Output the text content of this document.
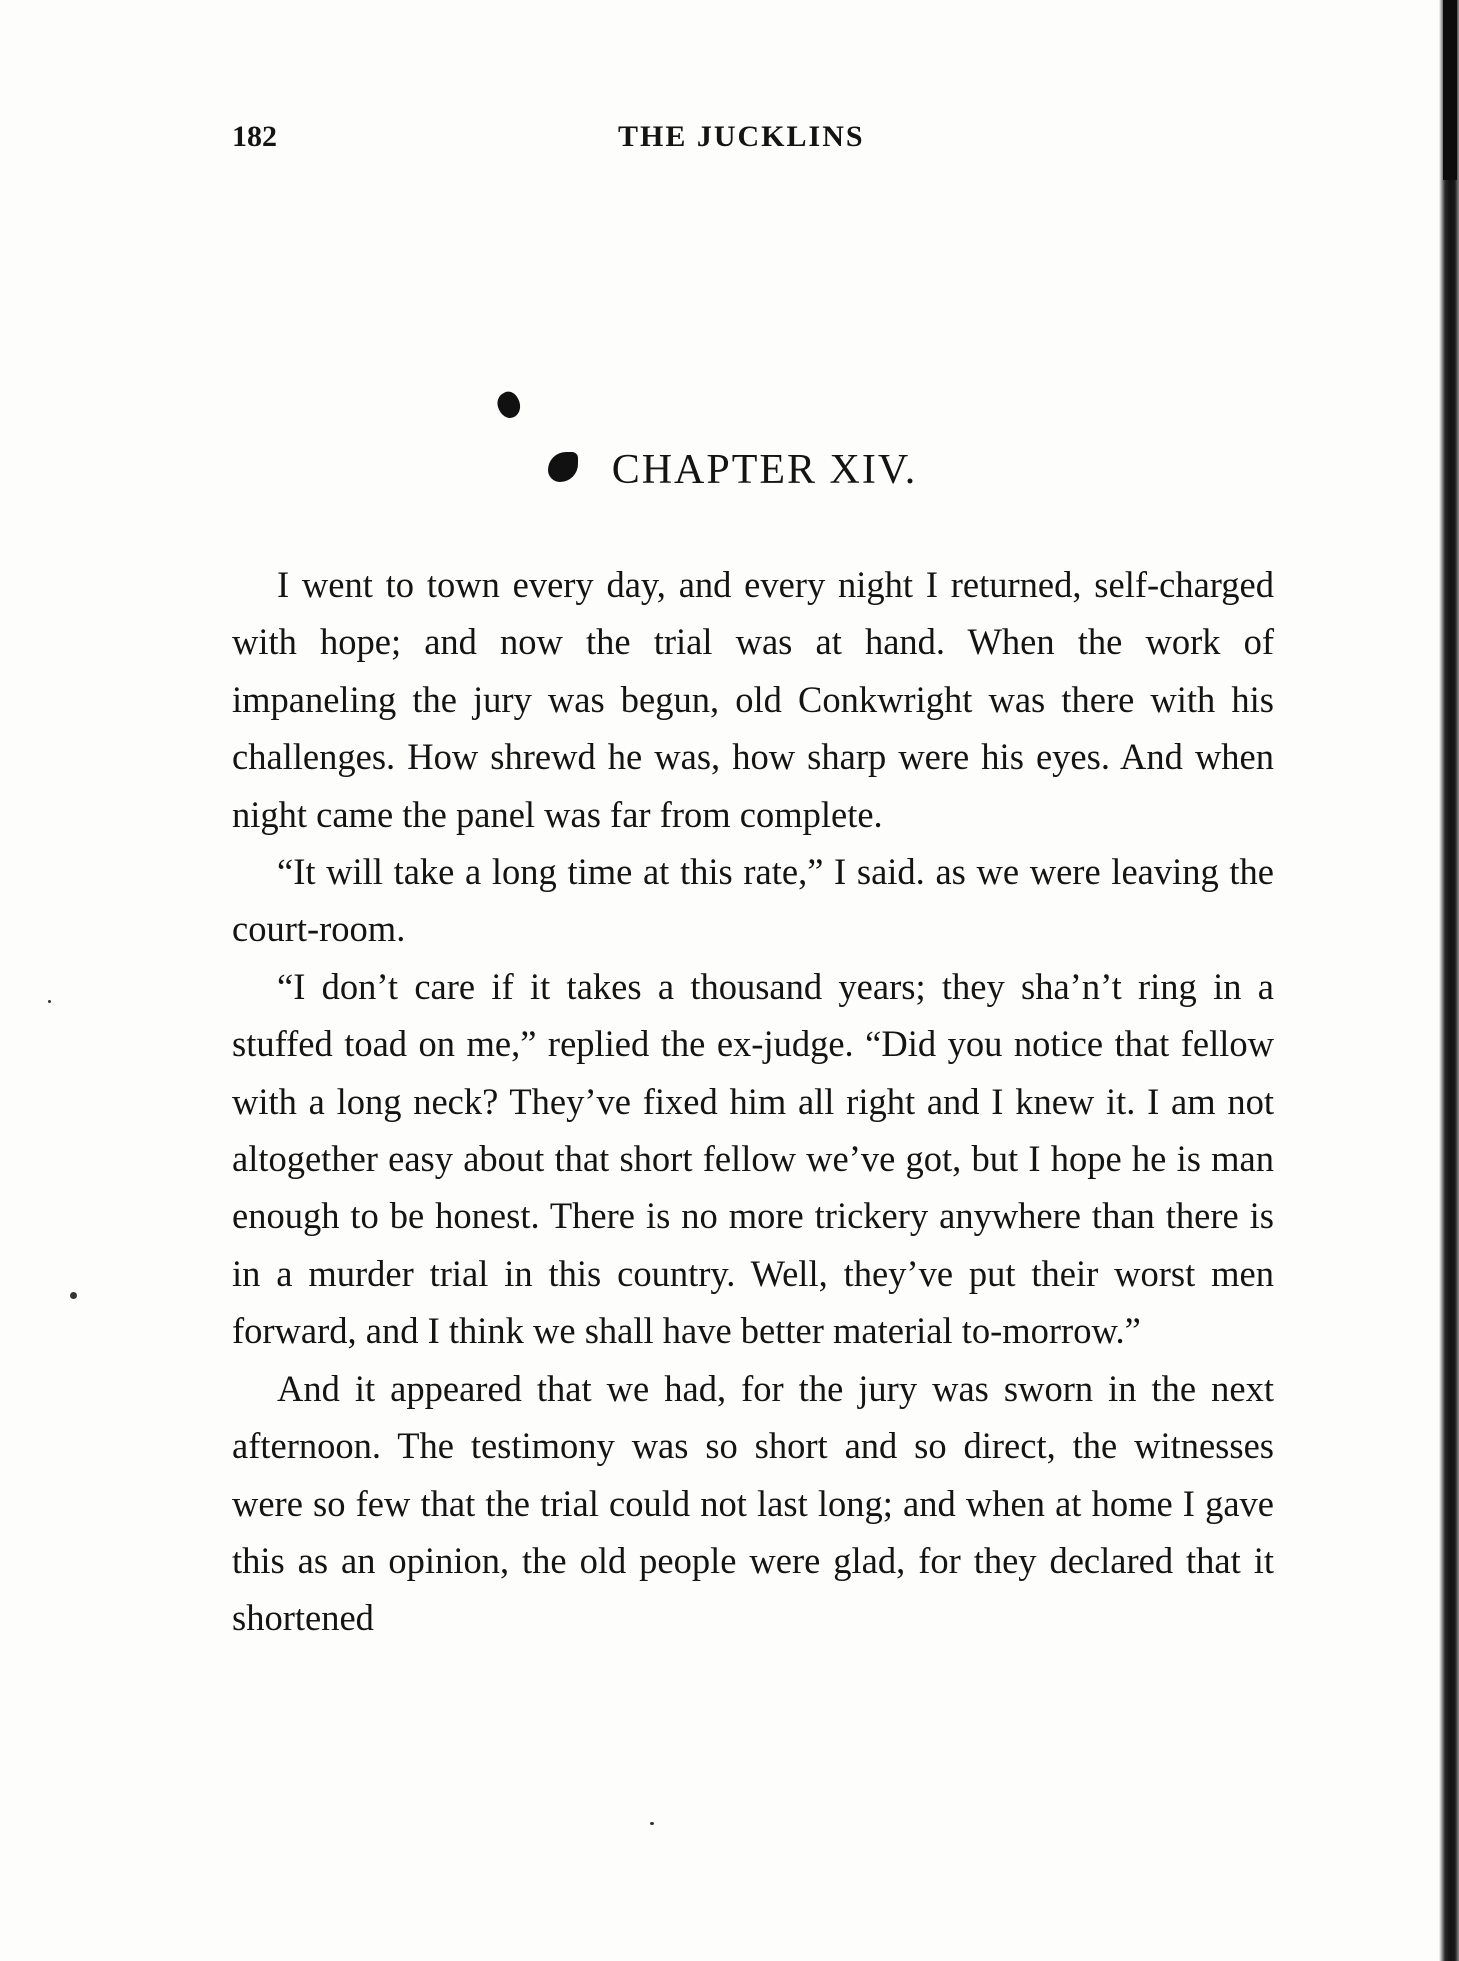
182	THE JUCKLINS
CHAPTER XIV.

I went to town every day, and every night I returned, self-charged with hope; and now the trial was at hand. When the work of impaneling the jury was begun, old Conkwright was there with his challenges. How shrewd he was, how sharp were his eyes. And when night came the panel was far from complete.

“It will take a long time at this rate,” I said. as we were leaving the court-room.

“I don’t care if it takes a thousand years; they sha’n’t ring in a stuffed toad on me,” replied the ex-judge. “Did you notice that fellow with a long neck? They’ve fixed him all right and I knew it. I am not altogether easy about that short fellow we’ve got, but I hope he is man enough to be honest. There is no more trickery anywhere than there is in a murder trial in this country. Well, they’ve put their worst men forward, and I think we shall have better material to-morrow.”

And it appeared that we had, for the jury was sworn in the next afternoon. The testimony was so short and so direct, the witnesses were so few that the trial could not last long; and when at home I gave this as an opinion, the old people were glad, for they declared that it shortened
